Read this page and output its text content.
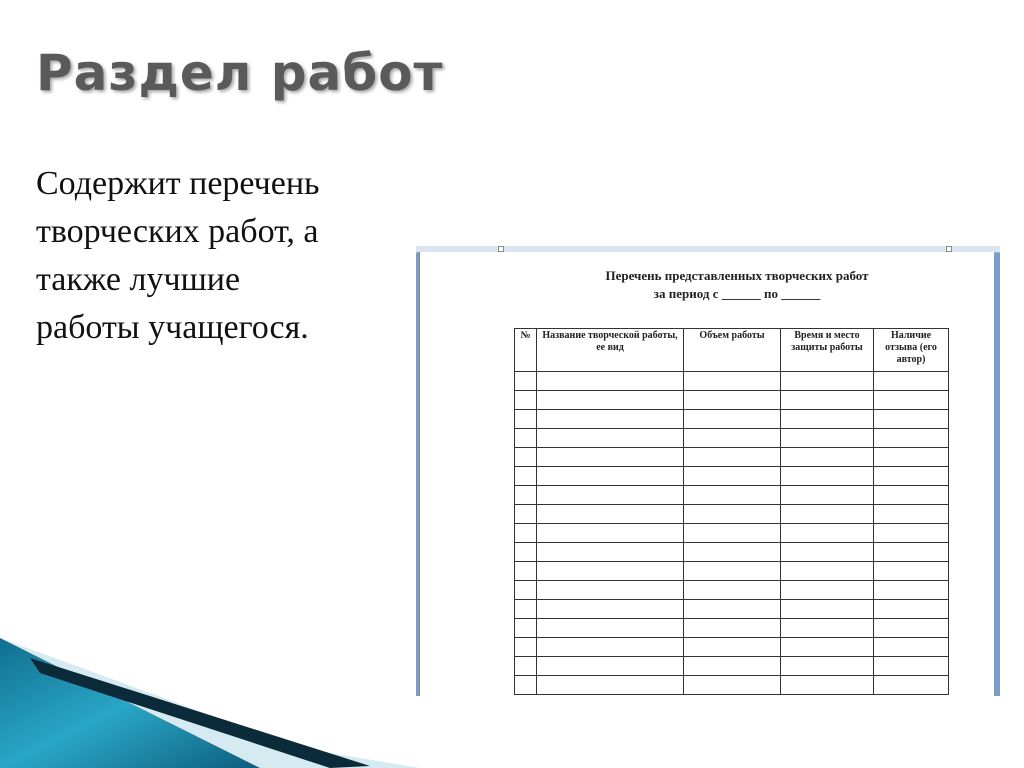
Раздел работ
Содержит перечень
творческих работ, а
также лучшие
работы учащегося.
Перечень представленных творческих работ
за период с ______ по ______
№	Название творческой работы, ее вид	Объем работы	Время и место защиты работы	Наличие отзыва (его автор)
